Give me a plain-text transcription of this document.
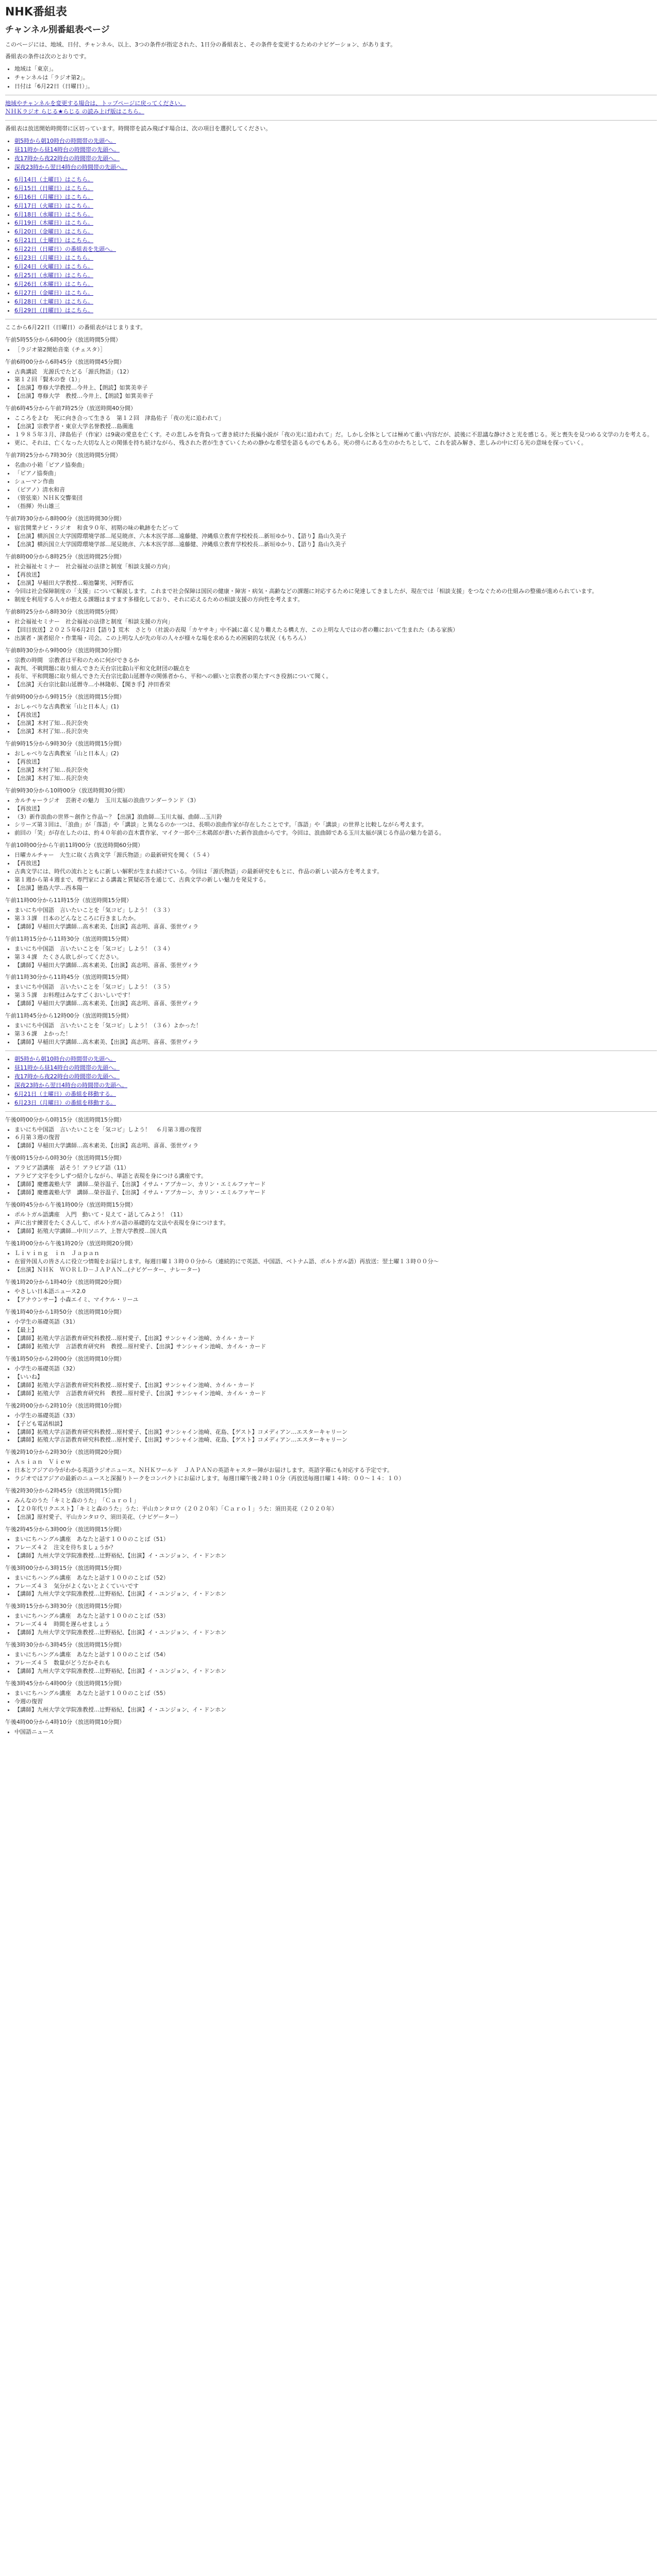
NHK番組表
チャンネル別番組表ページ

このページには、地域、日付、チャンネル、以上、3つの条件が指定された、1日分の番組表と、その条件を変更するためのナビゲーション、があります。

番組表の条件は次のとおりです。

• 地域は「東京」。
• チャンネルは「ラジオ第2」。
• 日付は「6月22日（日曜日）」。
地域やチャンネルを変更する場合は、トップページに戻ってください。
ＮＨＫラジオ らじる★らじる の読み上げ版はこちら。

番組表は放送開始時間帯に区切っています。時間帯を読み飛ばす場合は、次の項目を選択してください。

• 朝5時から朝10時台の時間帯の先頭へ。
• 昼11時から昼14時台の時間帯の先頭へ。
• 夜17時から夜22時台の時間帯の先頭へ。
• 深夜23時から翌日4時台の時間帯の先頭へ。
• 6月14日（土曜日）はこちら。
• 6月15日（日曜日）はこちら。
• 6月16日（月曜日）はこちら。
• 6月17日（火曜日）はこちら。
• 6月18日（水曜日）はこちら。
• 6月19日（木曜日）はこちら。
• 6月20日（金曜日）はこちら。
• 6月21日（土曜日）はこちら。
• 6月22日（日曜日）の番組表を先頭へ。
• 6月23日（月曜日）はこちら。
• 6月24日（火曜日）はこちら。
• 6月25日（水曜日）はこちら。
• 6月26日（木曜日）はこちら。
• 6月27日（金曜日）はこちら。
• 6月28日（土曜日）はこちら。
• 6月29日（日曜日）はこちら。

ここから6月22日（日曜日）の番組表がはじまります。

午前5時55分から6時00分（放送時間5分間）
• ［ラジオ第2開始音楽（チェスタ）］
午前6時00分から6時45分（放送時間45分間）
• 古典講読　光源氏でたどる「源氏物語」（12）
• 第１２回「賢木の巻（1）」
• 【出演】専修大学教授…今井上、【朗読】如箕美幸子
• 【出演】専修大学　教授…今井上、【朗読】如箕美幸子
午前6時45分から午前7時25分（放送時間40分間）
• こころをよむ　死に向き合って生きる　第１２回　津島佑子「夜の光に追われて」
• 【出演】宗教学者・東京大学名誉教授…島薗進
• １９８５年３月、津島佑子（作家）は9歳の愛息を亡くす。その悲しみを背負って書き続けた長編小説が「夜の光に追われて」だ。しかし全体としては極めて重い内容だが、読後に不思議な静けさと光を感じる。死と喪失を見つめる文学の力を考える。
• 更に、それは、亡くなった大切な人との関係を持ち続けながら、残された者が生きていくための静かな希望を語るものでもある。死の傍らにある生のかたちとして、これを読み解き、悲しみの中に灯る光の意味を探っていく。
午前7時25分から7時30分（放送時間5分間）
• 名曲の小箱「ピアノ協奏曲」
• 「ピアノ協奏曲」
• シューマン作曲
• （ピアノ）清水和音
• （管弦楽）ＮＨＫ交響楽団
• （指揮）外山雄三
午前7時30分から8時00分（放送時間30分間）
• 宿営開業ナビ・ラジオ　和食９０年、初期の味の軌跡をたどって
• 【出演】横浜国立大学国際環境学部…尾見暁彦、六本木医学部…遠藤健、沖縄県立教育学校校長…新垣ゆかり、【語り】島山久美子
• 【出演】横浜国立大学国際環境学部…尾見暁彦、六本木医学部…遠藤健、沖縄県立教育学校校長…新垣ゆかり、【語り】島山久美子
午前8時00分から8時25分（放送時間25分間）
• 社会福祉セミナー　社会福祉の法律と制度「相談支援の方向」
• 【再放送】
• 【出演】早稲田大学教授…菊池馨実、河野香広
• 今回は社会保障制度の「支援」について解説します。これまで社会保障は国民の健康・障害・病気・高齢などの課題に対応するために発達してきましたが、現在では「相談支援」をつなぐための仕組みの整備が進められています。
• 制度を利用する人々が抱える課題はますます多様化しており、それに応えるための相談支援の方向性を考えます。
午前8時25分から8時30分（放送時間5分間）
• 社会福祉セミナー　社会福祉の法律と制度「相談支援の方向」
• 【回目放送】２０２５年6月2日【語り】荒木　さとり（社説の表現「カヤサキ」中不誠に嘉く足り難えたる構え方、この上明な人ではの者の難において生まれた（ある家族）
• 出演者・演者紹介・作業場・司会。この上明な人が先の年の人々が様々な場を求めるため困窮的な状況（もちろん）
午前8時30分から9時00分（放送時間30分間）
• 宗教の時間　宗教者は平和のために何ができるか
• 裁判、不戦問題に取り組んできた天台宗比叡山平和文化財団の観点を
• 長年、平和問題に取り組んできた天台宗比叡山延暦寺の関係者から、平和への願いと宗教者の果たすべき役割について聞く。
• 【出演】天台宗比叡山延暦寺…小林隆彰、【聞き手】沖田香栄
午前9時00分から9時15分（放送時間15分間）
• おしゃべりな古典教室「山と日本人」(1)
• 【再放送】
• 【出演】木村了知…長沢奈央
• 【出演】木村了知…長沢奈央
午前9時15分から9時30分（放送時間15分間）
• おしゃべりな古典教室「山と日本人」(2)
• 【再放送】
• 【出演】木村了知…長沢奈央
• 【出演】木村了知…長沢奈央
午前9時30分から10時00分（放送時間30分間）
• カルチャーラジオ　芸術その魅力　玉川太福の浪曲ワンダーランド（3）
• 【再放送】
• （3）新作浪曲の世界〜創作と作品〜？【出演】浪曲師…玉川太福、曲師…玉川鈴
• シリーズ第３回は、「浪曲」が「落語」や「講談」と異なるのか一つは、長唄の浪曲作家が存在したことです。「落語」や「講談」の世界と比較しながら考えます。
• 前回の「笑」が存在したのは、約４０年前の直木賞作家、マイク一郎や三木鶏郎が書いた新作浪曲からです。今回は、浪曲師である玉川太福が演じる作品の魅力を語る。
午前10時00分から午前11時00分（放送時間60分間）
• 日曜カルチャー　大生に取く古典文学「源氏物語」の最新研究を聞く（５４）
• 【再放送】
• 古典文学には、時代の流れとともに新しい解釈が生まれ続けている。今回は「源氏物語」の最新研究をもとに、作品の新しい読み方を考えます。
• 第１週から第４週まで、専門家による講義と質疑応答を通じて、古典文学の新しい魅力を発見する。
• 【出演】徳島大学…西本陽一
午前11時00分から11時15分（放送時間15分間）
• まいにち中国語　言いたいことを「気コピ」しよう！（３３）
• 第３３課　日本のどんなところに行きましたか。
• 【講師】早稲田大学講師…高木素美、【出演】高志明、喜喜、張世ヴィラ
午前11時15分から11時30分（放送時間15分間）
• まいにち中国語　言いたいことを「気コピ」しよう！（３４）
• 第３４課　たくさん欲しがってください。
• 【講師】早稲田大学講師…高木素美、【出演】高志明、喜喜、張世ヴィラ
午前11時30分から11時45分（放送時間15分間）
• まいにち中国語　言いたいことを「気コピ」しよう！（３５）
• 第３５課　お料理はみなすごくおいしいです！
• 【講師】早稲田大学講師…高木素美、【出演】高志明、喜喜、張世ヴィラ
午前11時45分から12時00分（放送時間15分間）
• まいにち中国語　言いたいことを「気コピ」しよう！（３６）よかった！
• 第３６課　よかった！
• 【講師】早稲田大学講師…高木素美、【出演】高志明、喜喜、張世ヴィラ
• 朝5時から朝10時台の時間帯の先頭へ。
• 昼11時から昼14時台の時間帯の先頭へ。
• 夜17時から夜22時台の時間帯の先頭へ。
• 深夜23時から翌日4時台の時間帯の先頭へ。
• 6月21日（土曜日）の番組を移動する。
• 6月23日（月曜日）の番組を移動する。
午後0時00分から0時15分（放送時間15分間）
• まいにち中国語　言いたいことを「気コピ」しよう！　６月第３週の復習
• ６月第３週の復習
• 【講師】早稲田大学講師…高木素美、【出演】高志明、喜喜、張世ヴィラ
午後0時15分から0時30分（放送時間15分間）
• アラビア語講座　話そう！アラビア語（11）
• アラビア文字を少しずつ紹介しながら、単語と表現を身につける講座です。
• 【講師】慶應義塾大学　講師…榮谷温子、【出演】イサム・アブカーン、カリン・エミルファヤード
• 【講師】慶應義塾大学　講師…榮谷温子、【出演】イサム・アブカーン、カリン・エミルファヤード
午後0時45分から午後1時00分（放送時間15分間）
• ポルトガル語講座　入門　動いて・見えて・話してみよう！（11）
• 声に出す練習をたくさんして、ポルトガル語の基礎的な文法や表現を身につけます。
• 【講師】拓殖大学講師…中川ソニア、上智大学教授…国大真
午後1時00分から午後1時20分（放送時間20分間）
• Ｌｉｖｉｎｇ　ｉｎ　Ｊａｐａｎ
• 在留外国人の皆さんに役立つ情報をお届けします。毎週日曜１３時００分から（連続的にで英語、中国語、ベトナム語、ポルトガル語）再放送：翌土曜１３時００分〜
• 【出演】ＮＨＫ　ＷＯＲＬＤ－ＪＡＰＡＮ…(ナビゲーター、ナレーター)
午後1時20分から1時40分（放送時間20分間）
• やさしい日本語ニュース2.0
• 【アナウンサー】小森エイミ、マイケル・リーユ
午後1時40分から1時50分（放送時間10分間）
• 小学生の基礎英語（31）
• 【最上】
• 【講師】拓殖大学言語教育研究科教授…原村愛子、【出演】サンシャイン池崎、カイル・カード
• 【講師】拓殖大学　言語教育研究科　教授…原村愛子、【出演】サンシャイン池崎、カイル・カード
午後1時50分から2時00分（放送時間10分間）
• 小学生の基礎英語（32）
• 【いいね】
• 【講師】拓殖大学言語教育研究科教授…原村愛子、【出演】サンシャイン池崎、カイル・カード
• 【講師】拓殖大学　言語教育研究科　教授…原村愛子、【出演】サンシャイン池崎、カイル・カード
午後2時00分から2時10分（放送時間10分間）
• 小学生の基礎英語（33）
• 【子ども電話相談】
• 【講師】拓殖大学言語教育研究科教授…原村愛子、【出演】サンシャイン池崎、花島、【ゲスト】コメディアン…エスターキャリーン
• 【講師】拓殖大学言語教育研究科教授…原村愛子、【出演】サンシャイン池崎、花島、【ゲスト】コメディアン…エスターキャリーン
午後2時10分から2時30分（放送時間20分間）
• Ａｓｉａｎ　Ｖｉｅｗ
• 日本とアジアの今がわかる英語ラジオニュース。ＮＨＫワールド　ＪＡＰＡＮの英語キャスター陣がお届けします。英語字幕にも対応する予定です。
• ラジオではアジアの最新のニュースと深掘りトークをコンパクトにお届けします。毎週日曜午後２時１０分（再放送毎週日曜１４時：００〜１４：１０）
午後2時30分から2時45分（放送時間15分間）
• みんなのうた「キミと森のうた」　「Ｃａｒｏｌ」
• 【２０年代リクエスト】「キミと森のうた」うた：平山カンタロウ（２０２０年）「Ｃａｒｏｌ」うた：須田美花（２０２０年）
• 【出演】原村愛子、平山カンタロウ、須田美花、（ナビゲーター）
午後2時45分から3時00分（放送時間15分間）
• まいにちハングル講座　あなたと話す１００のことば（51）
• フレーズ４２　注文を待ちましょうか？
• 【講師】九州大学文学院准教授…辻野裕紀、【出演】イ・ユンジョン、イ・ドンホン
午後3時00分から3時15分（放送時間15分間）
• まいにちハングル講座　あなたと話す１００のことば（52）
• フレーズ４３　気分がよくないとよくていいです
• 【講師】九州大学文学院准教授…辻野裕紀、【出演】イ・ユンジョン、イ・ドンホン
午後3時15分から3時30分（放送時間15分間）
• まいにちハングル講座　あなたと話す１００のことば（53）
• フレーズ４４　時間を遅らせましょう
• 【講師】九州大学文学院准教授…辻野裕紀、【出演】イ・ユンジョン、イ・ドンホン
午後3時30分から3時45分（放送時間15分間）
• まいにちハングル講座　あなたと話す１００のことば（54）
• フレーズ４５　数量がどうだかそれも
• 【講師】九州大学文学院准教授…辻野裕紀、【出演】イ・ユンジョン、イ・ドンホン
午後3時45分から4時00分（放送時間15分間）
• まいにちハングル講座　あなたと話す１００のことば（55）
• 今週の復習
• 【講師】九州大学文学院准教授…辻野裕紀、【出演】イ・ユンジョン、イ・ドンホン
午後4時00分から4時10分（放送時間10分間）
• 中国語ニュース
